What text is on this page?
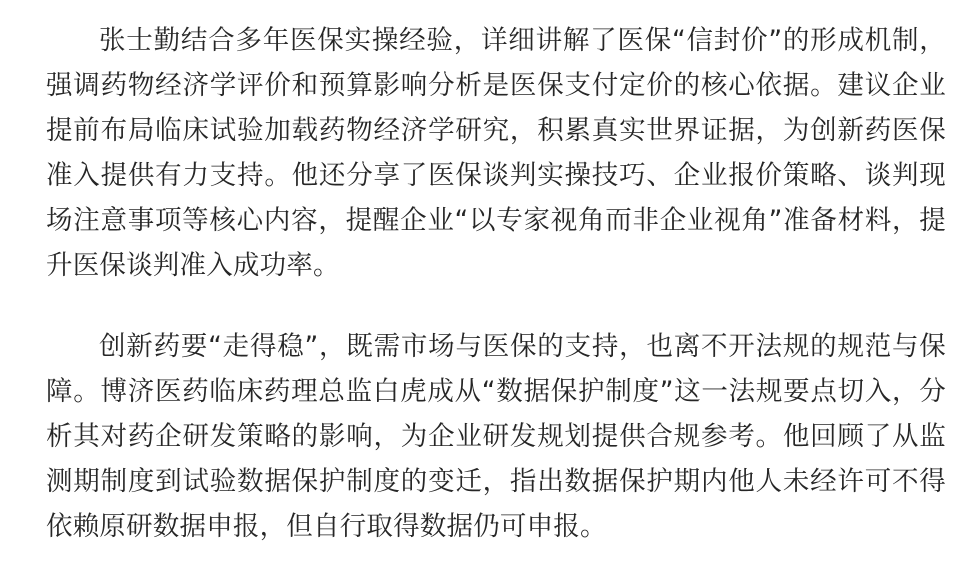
张士勤结合多年医保实操经验，详细讲解了医保“信封价”的形成机制，强调药物经济学评价和预算影响分析是医保支付定价的核心依据。建议企业提前布局临床试验加载药物经济学研究，积累真实世界证据，为创新药医保准入提供有力支持。他还分享了医保谈判实操技巧、企业报价策略、谈判现场注意事项等核心内容，提醒企业“以专家视角而非企业视角”准备材料，提升医保谈判准入成功率。

创新药要“走得稳”，既需市场与医保的支持，也离不开法规的规范与保障。博济医药临床药理总监白虎成从“数据保护制度”这一法规要点切入，分析其对药企研发策略的影响，为企业研发规划提供合规参考。他回顾了从监测期制度到试验数据保护制度的变迁，指出数据保护期内他人未经许可不得依赖原研数据申报，但自行取得数据仍可申报。
